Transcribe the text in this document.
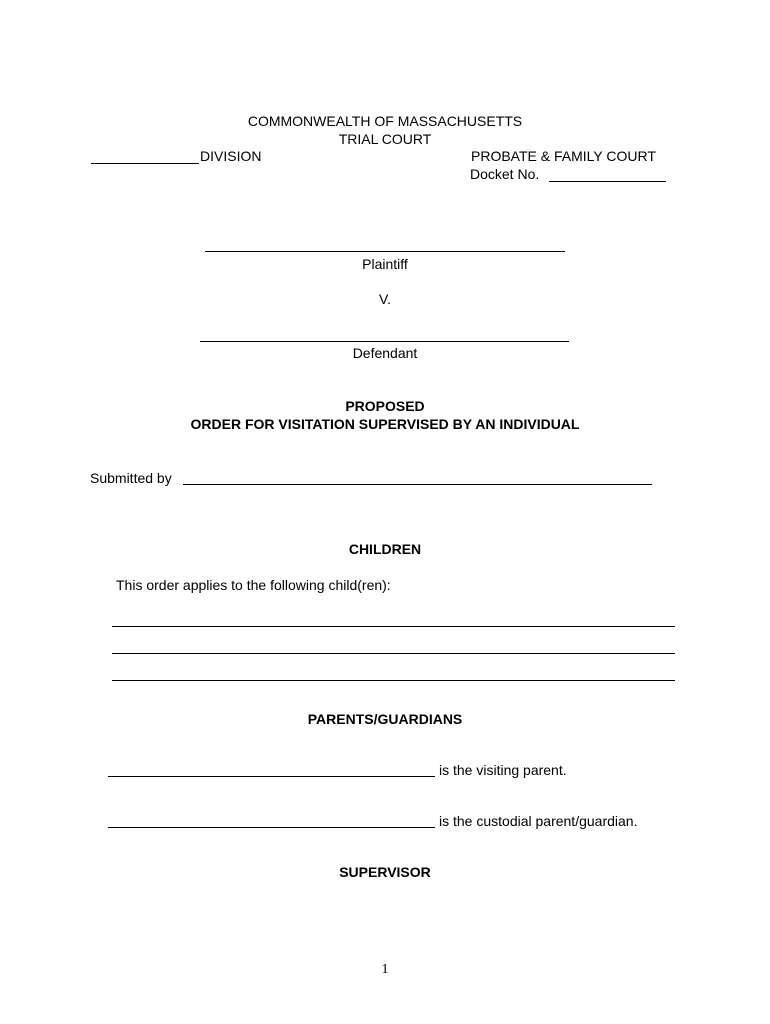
COMMONWEALTH OF MASSACHUSETTS
TRIAL COURT
DIVISION	PROBATE & FAMILY COURT
Docket No.
Plaintiff
V.
Defendant
PROPOSED
ORDER FOR VISITATION SUPERVISED BY AN INDIVIDUAL
Submitted by
CHILDREN
This order applies to the following child(ren):
PARENTS/GUARDIANS
is the visiting parent.
is the custodial parent/guardian.
SUPERVISOR
1
